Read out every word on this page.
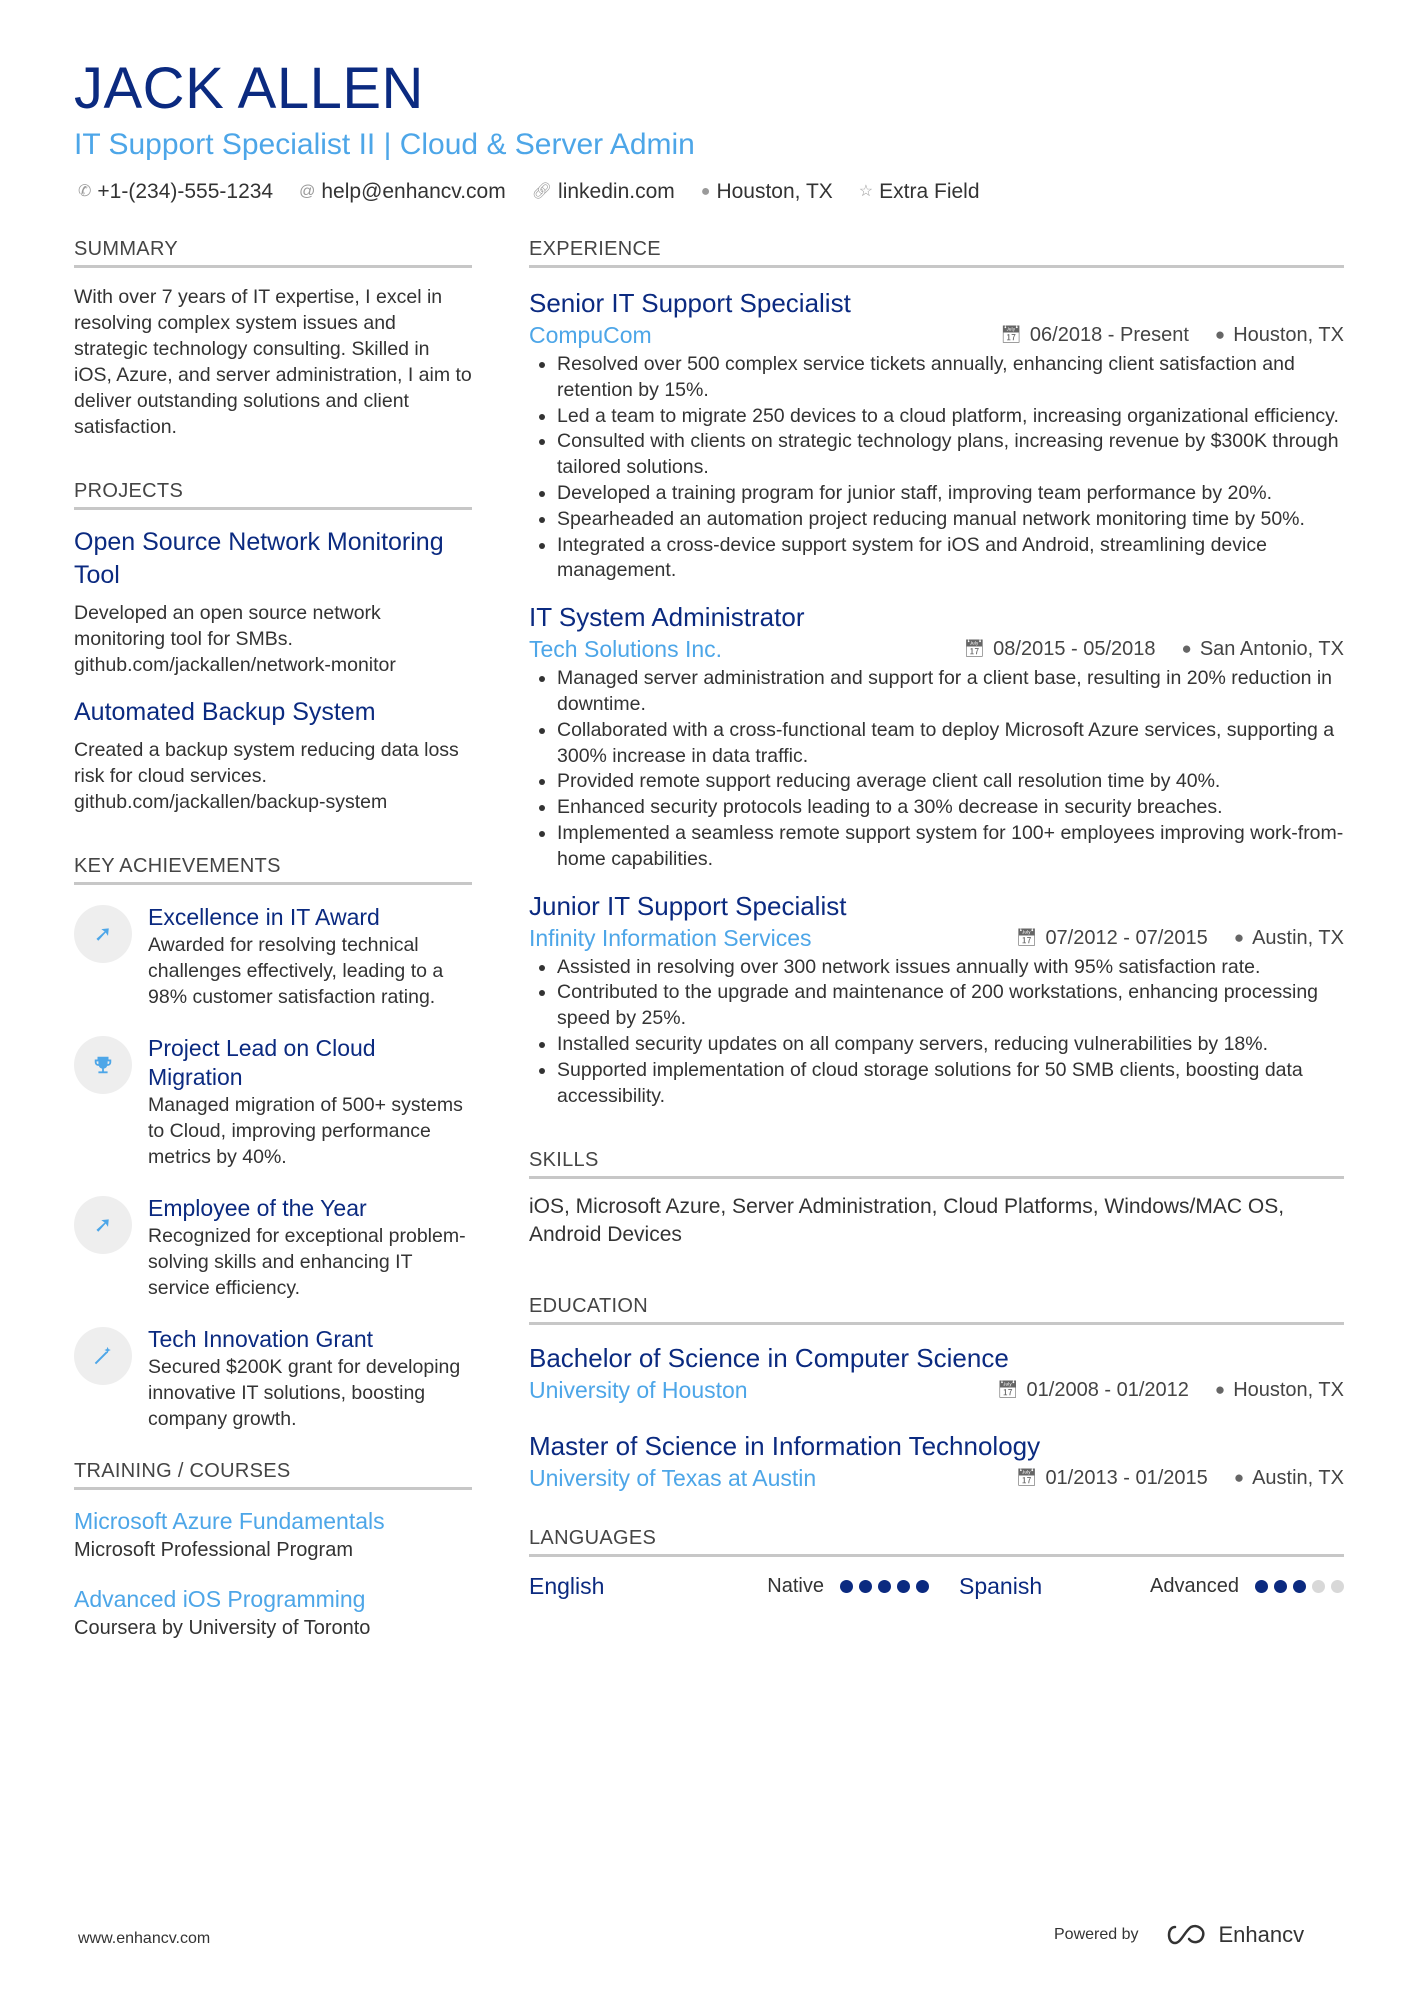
JACK ALLEN
IT Support Specialist II | Cloud & Server Admin
✆ +1-(234)-555-1234 @ help@enhancv.com 🔗︎ linkedin.com ● Houston, TX ☆ Extra Field
SUMMARY
With over 7 years of IT expertise, I excel in resolving complex system issues and strategic technology consulting. Skilled in iOS, Azure, and server administration, I aim to deliver outstanding solutions and client satisfaction.
PROJECTS
Open Source Network Monitoring Tool
Developed an open source network monitoring tool for SMBs.
github.com/jackallen/network-monitor
Automated Backup System
Created a backup system reducing data loss risk for cloud services.
github.com/jackallen/backup-system
KEY ACHIEVEMENTS
➚
Excellence in IT Award
Awarded for resolving technical challenges effectively, leading to a 98% customer satisfaction rating.
Project Lead on Cloud Migration
Managed migration of 500+ systems to Cloud, improving performance metrics by 40%.
➚
Employee of the Year
Recognized for exceptional problem-solving skills and enhancing IT service efficiency.
Tech Innovation Grant
Secured $200K grant for developing innovative IT solutions, boosting company growth.
TRAINING / COURSES
Microsoft Azure Fundamentals
Microsoft Professional Program
Advanced iOS Programming
Coursera by University of Toronto
EXPERIENCE
Senior IT Support Specialist
CompuCom	📅︎ 06/2018 - Present ● Houston, TX
• Resolved over 500 complex service tickets annually, enhancing client satisfaction and retention by 15%.
• Led a team to migrate 250 devices to a cloud platform, increasing organizational efficiency.
• Consulted with clients on strategic technology plans, increasing revenue by $300K through tailored solutions.
• Developed a training program for junior staff, improving team performance by 20%.
• Spearheaded an automation project reducing manual network monitoring time by 50%.
• Integrated a cross-device support system for iOS and Android, streamlining device management.
IT System Administrator
Tech Solutions Inc.	📅︎ 08/2015 - 05/2018 ● San Antonio, TX
• Managed server administration and support for a client base, resulting in 20% reduction in downtime.
• Collaborated with a cross-functional team to deploy Microsoft Azure services, supporting a 300% increase in data traffic.
• Provided remote support reducing average client call resolution time by 40%.
• Enhanced security protocols leading to a 30% decrease in security breaches.
• Implemented a seamless remote support system for 100+ employees improving work-from-home capabilities.
Junior IT Support Specialist
Infinity Information Services	📅︎ 07/2012 - 07/2015 ● Austin, TX
• Assisted in resolving over 300 network issues annually with 95% satisfaction rate.
• Contributed to the upgrade and maintenance of 200 workstations, enhancing processing speed by 25%.
• Installed security updates on all company servers, reducing vulnerabilities by 18%.
• Supported implementation of cloud storage solutions for 50 SMB clients, boosting data accessibility.
SKILLS
iOS, Microsoft Azure, Server Administration, Cloud Platforms, Windows/MAC OS, Android Devices
EDUCATION
Bachelor of Science in Computer Science
University of Houston	📅︎ 01/2008 - 01/2012 ● Houston, TX
Master of Science in Information Technology
University of Texas at Austin	📅︎ 01/2013 - 01/2015 ● Austin, TX
LANGUAGES
English	Native	Spanish	Advanced
www.enhancv.com	Powered by	Enhancv
